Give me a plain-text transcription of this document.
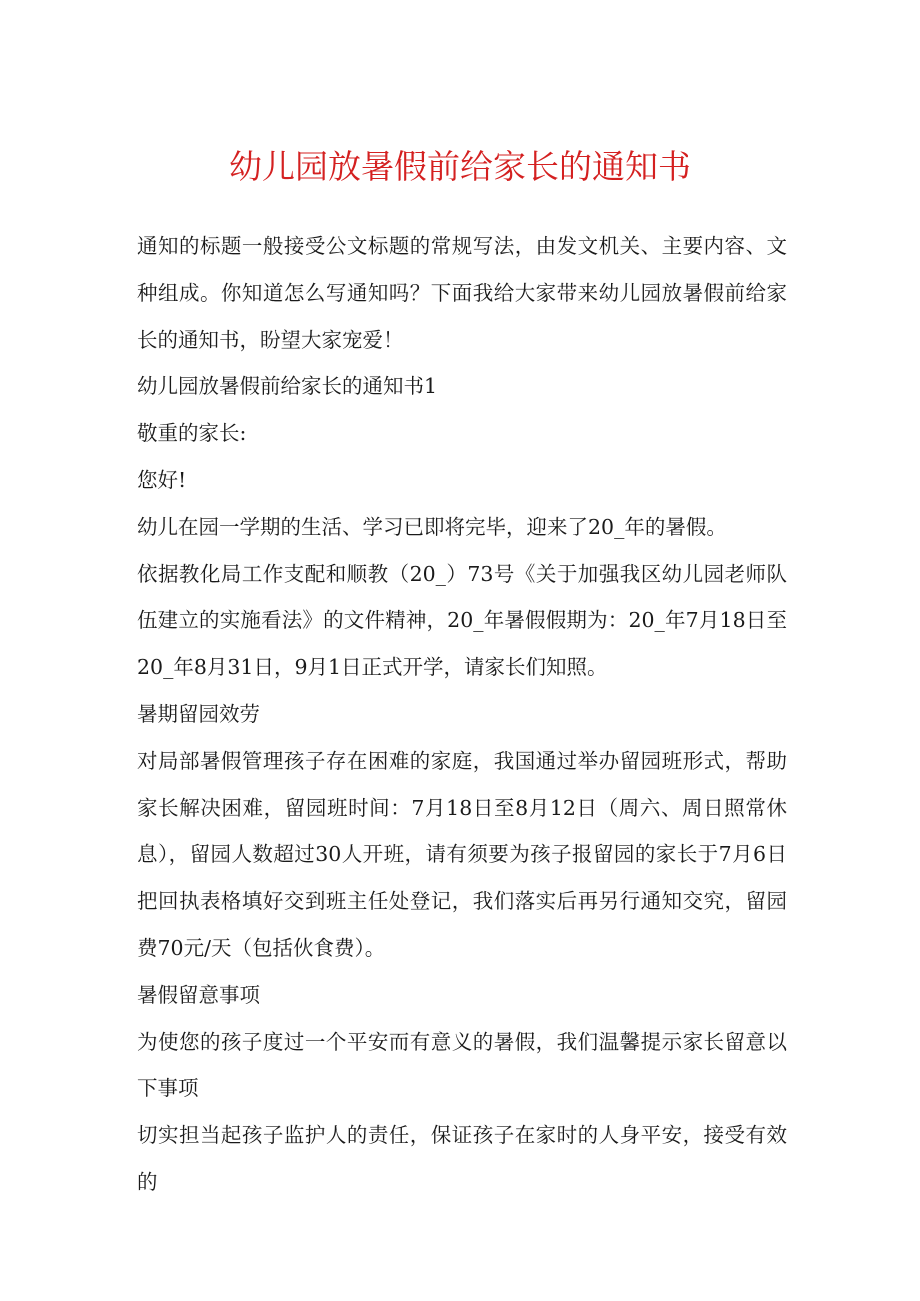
幼儿园放暑假前给家长的通知书

通知的标题一般接受公文标题的常规写法，由发文机关、主要内容、文种组成。你知道怎么写通知吗？下面我给大家带来幼儿园放暑假前给家长的通知书，盼望大家宠爱！

幼儿园放暑假前给家长的通知书1

敬重的家长:

您好!

幼儿在园一学期的生活、学习已即将完毕，迎来了20_年的暑假。

依据教化局工作支配和顺教（20_）73号《关于加强我区幼儿园老师队伍建立的实施看法》的文件精神，20_年暑假假期为：20_年7月18日至20_年8月31日，9月1日正式开学，请家长们知照。

暑期留园效劳

对局部暑假管理孩子存在困难的家庭，我国通过举办留园班形式，帮助家长解决困难，留园班时间：7月18日至8月12日（周六、周日照常休息），留园人数超过30人开班，请有须要为孩子报留园的家长于7月6日把回执表格填好交到班主任处登记，我们落实后再另行通知交究，留园费70元/天（包括伙食费）。

暑假留意事项

为使您的孩子度过一个平安而有意义的暑假，我们温馨提示家长留意以下事项

切实担当起孩子监护人的责任，保证孩子在家时的人身平安，接受有效的
